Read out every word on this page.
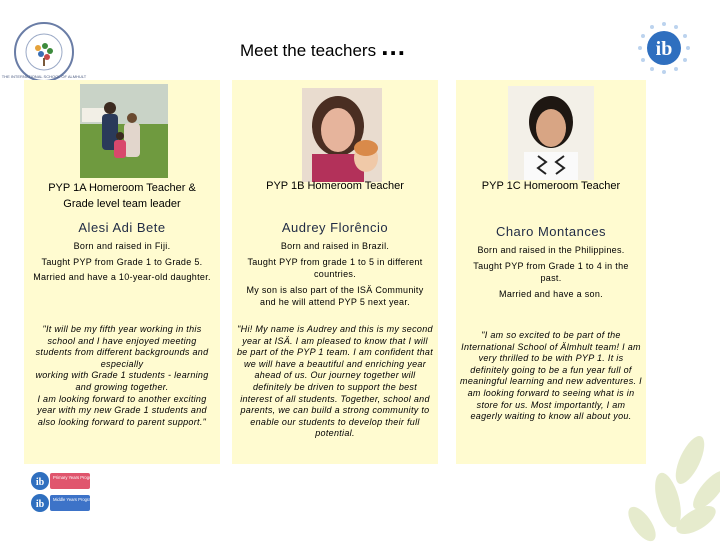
THE INTERNATIONAL SCHOOL OF ALMHULT
Meet the teachers …	ib
PYP 1A Homeroom Teacher &
Grade level team leader
Alesi Adi Bete

Born and raised in Fiji.

Taught PYP from Grade 1 to Grade 5.

Married and have a 10-year-old daughter.

"It will be my fifth year working in this school and I have enjoyed meeting students from different backgrounds and especially
working with Grade 1 students - learning and growing together.
I am looking forward to another exciting year with my new Grade 1 students and also looking forward to parent support."
PYP 1B Homeroom Teacher
Audrey Florêncio

Born and raised in Brazil.

Taught PYP from grade 1 to 5 in different countries.

My son is also part of the ISÄ Community and he will attend PYP 5 next year.

"Hi! My name is Audrey and this is my second year at ISÄ. I am pleased to know that I will be part of the PYP 1 team. I am confident that we will have a beautiful and enriching year ahead of us. Our journey together will definitely be driven to support the best interest of all students. Together, school and parents, we can build a strong community to enable our students to develop their full potential.
PYP 1C Homeroom Teacher
Charo Montances

Born and raised in the Philippines.

Taught PYP from Grade 1 to 4 in the past.

Married and have a son.

"I am so excited to be part of the International School of Älmhult team! I am very thrilled to be with PYP 1. It is definitely going to be a fun year full of meaningful learning and new adventures. I am looking forward to seeing what is in store for us. Most importantly, I am eagerly waiting to know all about you.
ib Primary Years Programme
ib Middle Years Programme
